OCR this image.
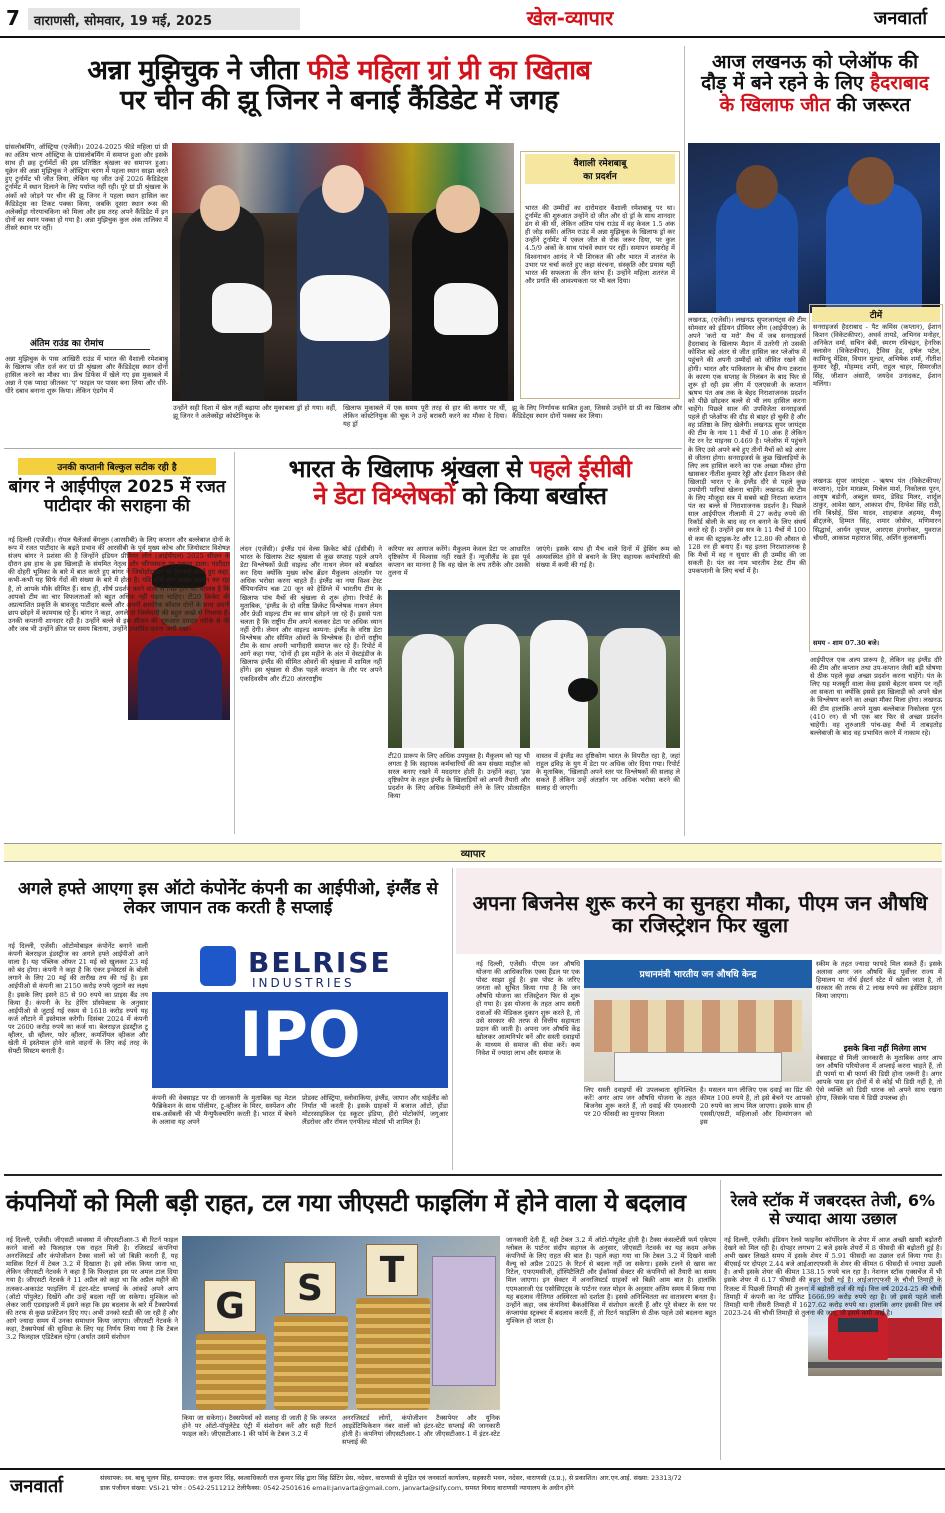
7	वाराणसी, सोमवार, 19 मई, 2025	खेल-व्यापार	जनवार्ता
अन्ना मुझिचुक ने जीता फीडे महिला ग्रां प्री का खिताब
पर चीन की झू जिनर ने बनाई कैंडिडेट में जगह
ग्रांसलोबर्मिंग, ऑस्ट्रिया (एजेंसी)। 2024-2025 फीडे महिला ग्रां प्री का अंतिम चरण ऑस्ट्रिया के ग्रांसलोबर्मिंग में समाप्त हुआ और इसके साथ ही छह टूर्नामेंटों की इस प्रतिष्ठित श्रृंखला का समापन हुआ। यूक्रेन की अन्ना मुझिचुक ने ऑस्ट्रिया चरण में पहला स्थान साझा करते हुए टूर्नामेंट भी जीत लिया, लेकिन यह जीत उन्हें 2026 कैंडिडेट्स टूर्नामेंट में स्थान दिलाने के लिए पर्याप्त नहीं रही। पूरे ग्रां प्री श्रृंखला के अंकों को जोड़ने पर चीन की झू जिनर ने पहला स्थान हासिल कर कैंडिडेट्स का टिकट पक्का किया, जबकि दूसरा स्थान रूस की अलेक्सेंड्रा गोरयाचकिना को मिला और इस तरह अपने कैंडिडेट में इन दोनों का स्थान पक्का हो गया है। अन्ना मुझिचुक कुल अंक तालिका में तीसरे स्थान पर रहीं।
अंतिम राउंड का रोमांच
अन्ना मुझिचुक के पास आखिरी राउंड में भारत की वैशाली रमेशबाबू के खिलाफ जीत दर्ज कर ग्रां प्री श्रृंखला और कैंडिडेट्स स्थान दोनों हासिल करने का मौका था। फ्रेंच डिफेंस में खेले गए इस मुकाबले में अन्ना ने एक प्यादा जीतकर 'ए' फाइल पर पासर बना लिया और धीरे-धीरे दबाव बनाना शुरू किया। लेकिन एंडगेम में
उन्होंने सही दिशा में खेल नहीं बढ़ाया और मुकाबला ड्रॉ हो गया। वहीं, झू जिनर ने अलेक्सेंड्रा कोस्टेनियुक के
खिलाफ मुकाबले में एक समय पूरी तरह से हार की कगार पर थीं, लेकिन कोस्टेनियुक की चूक ने उन्हें बराबरी करने का मौका दे दिया। यह ड्रॉ
वैशाली रमेशबाबू
का प्रदर्शन
भारत की उम्मीदों का दारोमदार वैशाली रमेशबाबू पर था। टूर्नामेंट की शुरुआत उन्होंने दो जीत और दो ड्रॉ के साथ शानदार ढंग से की थी, लेकिन अंतिम पांच राउंड में वह केवल 1.5 अंक ही जोड़ सकीं। अंतिम राउंड में अन्ना मुझिचुक के खिलाफ ड्रॉ कर उन्होंने टूर्नामेंट में एकल जीत से रोक जरूर दिया, पर कुल 4.5/9 अंकों के साथ पांचवें स्थान पर रहीं। समापन समारोह में विश्वनाथन आनंद ने भी शिरकत की और भारत में शतरंज के उभार पर चर्चा करते हुए कहा संरचना, संस्कृति और प्रयास यहीं भारत की सफलता के तीन स्तंभ हैं। उन्होंने महिला शतरंज में और प्रगति की आवश्यकता पर भी बल दिया।
झू के लिए निर्णायक साबित हुआ, जिससे उन्होंने ग्रां प्री का खिताब और कैंडिडेट्स स्थान दोनों पक्का कर लिया।
आज लखनऊ को प्लेऑफ की
दौड़ में बने रहने के लिए हैदराबाद
के खिलाफ जीत की जरूरत
लखनऊ, (एजेंसी)। लखनऊ सुपरजायंट्स की टीम सोमवार को इंडियन प्रीमियर लीग (आईपीएल) के अपने 'करो या मरो' मैच में जब सनराइजर्स हैदराबाद के खिलाफ मैदान में उतरेगी तो उसकी कोशिश बड़े अंतर से जीत हासिल कर प्लेऑफ में पहुंचने की अपनी उम्मीदों को जीवित रखने की होगी। भारत और पाकिस्तान के बीच सैन्य टकराव के कारण एक सप्ताह के निलंबन के बाद फिर से शुरू हो रही इस लीग में एलएसजी के कप्तान ऋषभ पंत अब तक के बेहद निराशाजनक प्रदर्शन को पीछे छोड़कर बल्ले से भी लय हासिल करना चाहेंगे। पिछले साल की उपविजेता सनराइजर्स पहले ही प्लेऑफ की दौड़ से बाहर हो चुकी है और वह प्रतिष्ठा के लिए खेलेगी। लखनऊ सुपर जायंट्स की टीम के नाम 11 मैचों में 10 अंक है लेकिन नेट रन रेट माइनस 0.469 है। प्लेऑफ में पहुंचने के लिए उसे अपने बचे हुए तीनों मैचों को बड़े अंतर से जीतना होगा। सनराइजर्स के कुछ खिलाड़ियों के लिए लय हासिल करने का एक अच्छा मौका होगा खासकर नीतीश कुमार रेड्डी और ईशान किशन जैसे खिलाड़ी भारत ए के इंग्लैंड दौरे से पहले कुछ उपयोगी पारियां खेलना चाहेंगे। लखनऊ की टीम के लिए मौजूदा सत्र में सबसे बड़ी निराशा कप्तान पंत का बल्ले से निराशाजनक प्रदर्शन है। पिछले साल आईपीएल नीलामी में 27 करोड़ रुपये की रिकॉर्ड बोली के बाद वह रन बनाने के लिए संघर्ष करते रहे हैं। उन्होंने इस सत्र के 11 मैचों में 100 से कम की स्ट्राइक-रेट और 12.80 की औसत से 128 रन ही बनाए हैं। यह इतना निराशाजनक है कि मैचों में वह न सुधार की ही उम्मीद की जा सकती है। पंत का नाम भारतीय टेस्ट टीम की उपकप्तानी के लिए चर्चा में है।
टीमें
सनराइजर्स हैदराबाद - पैट कमिंस (कप्तान), ईशान किशन (विकेटकीपर), अथर्व तायडे, अभिनव मनोहर, अनिकेत वर्मा, सचिन बेबी, स्मरण रविचंद्रन, हेनरिक क्लासेन (विकेटकीपर), ट्रैविस हेड, हर्षल पटेल, कामिन्दु मेंडिस, वियान मुल्डर, अभिषेक शर्मा, नीतीश कुमार रेड्डी, मोहम्मद शमी, राहुल चाहर, सिमरजीत सिंह, जीशान अंसारी, जयदेव उनादकट, ईशान मलिंगा।
लखनऊ सुपर जायंट्स - ऋषभ पंत (विकेटकीपर/कप्तान), एडेन मारक्रम, मिचेल मार्श, निकोलस पूरन, आयुष बडोनी, अब्दुल समद, डेविड मिलर, शार्दुल ठाकुर, आवेश खान, आकाश दीप, दिग्वेश सिंह राठी, रवि बिश्नोई, प्रिंस यादव, शाहबाज अहमद, मैथ्यू ब्रीट्ज़के, हिम्मत सिंह, शमार जोसेफ, मणिमारन सिद्धार्थ, आर्यन जुयाल, आरएस हंगरगेकर, युवराज चौधरी, आकाश महाराज सिंह, अर्शिन कुलकर्णी।
समय - शाम 07.30 बजे।
आईपीएल एक अल्प प्रारूप है, लेकिन वह इंग्लैंड दौरे की टीम और कप्तान तथा उप-कप्तान जैसी बड़ी घोषणा से ठीक पहले कुछ अच्छा प्रदर्शन करना चाहेंगे। पंत के लिए यह मजबूरी वाला केस इससे बेहतर समय पर नहीं आ सकता था क्योंकि इससे इस खिलाड़ी को अपने खेल के विश्लेषण करने का अच्छा मौका मिला होगा। लखनऊ की टीम हालांकि अपने मुख्य बल्लेबाज निकोलस पूरन (410 रन) से भी एक बार फिर से अच्छा प्रदर्शन चाहेगी। वह शुरुआती पांच-छह मैचों में ताबड़तोड़ बल्लेबाजी के बाद वह प्रभावित करने में नाकाम रहे।
उनकी कप्तानी बिल्कुल सटीक रही है
बांगर ने आईपीएल 2025 में रजत पाटीदार की सराहना की
नई दिल्ली (एजेंसी)। रॉयल चैलेंजर्स बेंगलुरु (आरसीबी) के लिए कप्तान और बल्लेबाज दोनों के रूप में रजत पाटीदार के बढ़ते प्रभाव की आरसीबी के पूर्व मुख्य कोच और जियोस्टार विशेषज्ञ संजय बांगर ने प्रशंसा की है जिन्होंने इंडियन प्रीमियर लीग (आईपीएल) 2025 सीजन के दौरान इस हाथ के इस खिलाड़ी के संयमित नेतृत्व और परिपक्वता पर प्रकाश डाला। पाटीदार की दोहरी भूमिका के बारे में बात करते हुए बांगर ने जियोहॉटस्टार पर टिप्पणी करते हुए कहा, कभी-कभी यह सिर्फ गेंदों की संख्या के बारे में होता है। यदि शीर्ष क्रम अच्छा प्रदर्शन कर रहा है, तो आपके मौके सीमित हैं। साथ ही, शीर्ष प्रदर्शन करने वालों से पिछे होने का मतलब है कि आपको टीम का चार विफलताओं को बहुत अधिक नहीं पढ़ना चाहिए। टी20 क्रिकेट की अप्रत्याशित प्रकृति के बावजूद पाटीदार बल्ले और अपनी सामरिक कौशल दोनों के साथ अपनी छाप छोड़ने में कामयाब रहे हैं। बांगर ने कहा, अगले दो जिम्मेदारी की बहुत अच्छे से निभाया है। उनकी कप्तानी शानदार रही है। उन्होंने बल्ले से इस सीजन की शुरुआत दमदार तरीके से की और जब भी उन्होंने क्रीज पर समय बिताया, उन्होंने प्रभावित करना जारी रखा।
भारत के खिलाफ श्रृंखला से पहले ईसीबी
ने डेटा विश्लेषकों को किया बर्खास्त
लंदन (एजेंसी)। इंग्लैंड एवं वेल्स क्रिकेट बोर्ड (ईसीबी) ने भारत के खिलाफ टेस्ट श्रृंखला से कुछ सप्ताह पहले अपने डेटा विश्लेषकों फ्रेडी वाइल्ड और नाथन लेमन को बर्खास्त कर दिया क्योंकि मुख्य कोच ब्रेंडन मैकुलम अंतर्ज्ञान पर अधिक भरोसा करना चाहते हैं। इंग्लैंड का नया विश्व टेस्ट चैंपियनशिप चक्र 20 जून को हेडिंग्ले में भारतीय टीम के खिलाफ पांच मैचों की श्रृंखला से शुरू होगा। रिपोर्ट के मुताबिक, 'इंग्लैंड के दो वरिष्ठ क्रिकेट विश्लेषक नाथन लेमन और फ्रेडी वाइल्ड टीम का साथ छोड़ने जा रहे हैं। इससे पता चलता है कि राष्ट्रीय टीम अपने चलकर डेटा पर अधिक ध्यान नहीं देगी। लेमन और वाइल्ड कम्पना: इंग्लैंड के वरिष्ठ डेटा विश्लेषक और सीमित ओवरों के विश्लेषक हैं। दोनों राष्ट्रीय टीम के साथ अपनी भागीदारी समाप्त कर रहे हैं। रिपोर्ट में आगे कहा गया, 'दोनों ही इस महीने के अंत में वेस्टइंडीज के खिलाफ इंग्लैंड की सीमित ओवरों की श्रृंखला में शामिल नहीं होंगे। इस श्रृंखला से ठीक पहले कप्तान के तौर पर अपने एकदिवसीय और टी20 अंतरराष्ट्रीय
करियर का आगाज करेंगे। मैकुलम केवल डेटा पर आधारित दृष्टिकोण में विश्वास नहीं रखते हैं। न्यूजीलैंड के इस पूर्व कप्तान का मानना है कि वह खेल के लय तरीके और उसकी तुलना में
जाएंगे। इसके साथ ही मैच वाले दिनों में ड्रेसिंग रूम को अव्यवस्थित होने से बचाने के लिए सहायक कर्मचारियों की संख्या में कमी की गई है।
टी20 प्रारूप के लिए अधिक उपयुक्त है। मैकुलम को यह भी लगता है कि सहायक कर्मचारियों की कम संख्या माहौल को सरल बनाए रखने में मददगार होती है। उन्होंने कहा, 'इस दृष्टिकोण के तहत इंग्लैंड के खिलाड़ियों को अपनी तैयारी और प्रदर्शन के लिए अधिक जिम्मेदारी लेने के लिए प्रोत्साहित किया
वास्तव में इंग्लैंड का दृष्टिकोण भारत के विपरीत रहा है, जहां राहुल द्रविड़ के युग में डेटा पर अधिक जोर दिया गया। रिपोर्ट के मुताबिक, 'खिलाड़ी अपने स्तर पर विश्लेषकों की सलाह ले सकते हैं लेकिन उन्हें अंतर्ज्ञान पर अधिक भरोसा करने की सलाह दी जाएगी।
व्यापार
अगले हफ्ते आएगा इस ऑटो कंपोनेंट कंपनी का आईपीओ, इंग्लैंड से लेकर जापान तक करती है सप्लाई
नई दिल्ली, एजेंसी। ऑटोमोबाइल कंपोनेंट बनाने वाली कंपनी बेलराइज इंडस्ट्रीज का अगले हफ्ते आईपीओ आने वाला है। यह पब्लिक ऑफर 21 मई को खुलकर 23 मई को बंद होगा। कंपनी ने कहा है कि एंकर इन्वेस्टर्स के बोली लगाने के लिए 20 मई की तारीख तय की गई है। इस आईपीओ से कंपनी का 2150 करोड़ रुपये जुटाने का लक्ष्य है। इसके लिए इसने 85 से 90 रुपये का प्राइस बैंड तय किया है। कंपनी के रेड हेरिंग प्रॉस्पेक्टस के अनुसार आईपीओ से जुटाई गई रकम से 1618 करोड़ रुपये यह कर्ज लौटाने में इस्तेमाल करेगी। दिसंबर 2024 में कंपनी पर 2600 करोड़ रुपये का कर्ज था। बेलराइज इंडस्ट्रीज टू व्हीलर, थ्री व्हीलर, फोर व्हीलर, कमर्शियल व्हीकल और खेती में इस्तेमाल होने वाले वाहनों के लिए कई तरह के सेफ्टी सिस्टम बनाती है।
BELRISE
INDUSTRIES
IPO
कंपनी की वेबसाइट पर दी जानकारी के मुताबिक यह मेटल फैब्रिकेशन के साथ पॉलीमर, टू-व्हीलर के मिरर, सस्पेंशन और सब-असेंबली की भी मैन्युफैक्चरिंग करती है। भारत में बेचने के अलावा यह अपने
प्रोडक्ट ऑस्ट्रिया, स्लोवाकिया, इंग्लैंड, जापान और थाईलैंड को निर्यात भी करती है। इसके ग्राहकों में बजाज ऑटो, होंडा मोटरसाइकिल एंड स्कूटर इंडिया, हीरो मोटोकॉर्प, जगुआर लैंडरोवर और रॉयल एनफील्ड मोटर्स भी शामिल हैं।
अपना बिजनेस शुरू करने का सुनहरा मौका, पीएम जन औषधि का रजिस्ट्रेशन फिर खुला
नई दिल्ली, एजेंसी। पीएम जन औषधि योजना की आधिकारिक एक्स हैंडल पर एक पोस्ट साझा हुई है। इस पोस्ट के जरिए जनता को सूचित किया गया है कि जन औषधि योजना का रजिस्ट्रेशन फिर से शुरू हो गया है। इस योजना के तहत आप सस्ती दवाओं की मेडिकल दुकान शुरू करते है, तो उसे सरकार की तरफ से वित्तीय सहायता प्रदान की जाती है। अपना जन औषधि केंद्र खोलकर आत्मनिर्भर बनें और सस्ती दवाइयों के माध्यम से समाज की सेवा करें। कम निवेश में ज्यादा लाभ और समाज के
प्रधानमंत्री भारतीय जन औषधि केन्द्र
लिए सस्ती दवाइयों की उपलब्धता सुनिश्चित करें! अगर आप जन औषधि योजना के तहत बिजनेस शुरू करते हैं, तो दवाई की एमआरपी पर 20 फीसदी का मुनाफा मिलता
है। मसलन मान लीजिए एक दवाई का प्रिंट की कीमत 100 रुपये है, तो इसे बेचने पर आपको 20 रुपये का लाभ मिल जाएगा। इसके साथ ही एससी/एसटी, महिलाओं और दिव्यांगजन को इस
स्कीम के तहत ज्यादा फायदे मिल सकते हैं। इसके अलावा अगर जन औषधि केंद्र पूर्वोत्तर राज्य में हिमालय या नॉर्थ ईस्टर्न स्टेट में खोला जाता है, तो सरकार की तरफ से 2 लाख रुपये का इंसेंटिव प्रदान किया जाएगा।
इसके बिना नहीं मिलेगा लाभ
वेबसाइट से मिली जानकारी के मुताबिक अगर आप जन औषधि परियोजना में अप्लाई करना चाहते हैं, तो डी फार्मा या बी फार्मा की डिग्री होना जरूरी है। अगर आपके पास इन दोनों में से कोई भी डिग्री नहीं है, तो ऐसे व्यक्ति को डिग्री धारक को अपने साथ रखना होगा, जिसके पास ये डिग्री उपलब्ध हो।
कंपनियों को मिली बड़ी राहत, टल गया जीएसटी फाइलिंग में होने वाला ये बदलाव
नई दिल्ली, एजेंसी। जीएसटी व्यवस्था में जीएसटीआर-3 बी रिटर्न फाइल करने वालों को फिलहाल एक राहत मिली है। रजिस्टर्ड कंपनियां अनरजिस्टर्ड और कंपोजीशन टैक्स वालों को जो बिक्री करती हैं, यह मासिक रिटर्न में टेबल 3.2 में दिखाता है। इसे लॉक किया जाना था, लेकिन जीएसटी नेटवर्क ने कहा है कि फिलहाल इस पर अमल टाल दिया गया है। जीएसटी नेटवर्क ने 11 अप्रैल को कहा था कि अप्रैल महीने की तत्स्कर-अकाउंट फाइलिंग में इंटर-स्टेट सप्लाई के आंकड़े अपने आप (ऑटो पॉपुलेट) दिखेंगे और उन्हें बदला नहीं जा सकेगा। मुश्किल को लेकर जारी एडवाइजरी में इसने कहा कि इस बदलाव के बारे में टैक्सपेयर्स की तरफ से कुछ प्रजेंटेशन दिए गए। अभी उनको स्टडी की जा रही है और आगे ज्यादा समय में उनका समाधान किया जाएगा। जीएसटी नेटवर्क ने कहा, टैक्सपेयर्स की सुविधा के लिए यह निर्णय लिया गया है कि टेबल 3.2 फिलहाल एडिटेबल रहेगा (अर्थात उसमें संशोधन
G	S	T
किया जा सकेगा)। टैक्सपेयर्स को सलाह दी जाती है कि जरूरत होने पर ऑटो-पॉपुलेटेड एंट्री में संशोधन करें और सही रिटर्न फाइल करें। जीएसटीआर-1 की फॉर्म के टेबल 3.2 में
अनरजिस्टर्ड लोगों, कंपोजीशन टैक्सपेयर और यूनिक आइडेंटिफिकेशन नंबर वालों को इंटर-स्टेट सप्लाई की जानकारी होती है। कंपनियां जीएसटीआर-1 और जीएसटीआर-1 में इंटर-स्टेट सप्लाई की
जानकारी देती हैं, वही टेबल 3.2 में ऑटो-पॉपुलेट होती है। टैक्स कंसल्टेंसी फर्म एकेएम ग्लोबल के पार्टनर संदीप सहगल के अनुसार, जीएसटी नेटवर्क का यह कदम अनेक कंपनियों के लिए राहत की बात है। पहले कहा गया था कि टेबल 3.2 में दिखने वाली वैल्यू को अप्रैल 2025 के रिटर्न से बदला नहीं जा सकेगा। इसके टलने से खास कर रिटेल, एफएमसीजी, हॉस्पिटैलिटी और ईकॉमर्स सेक्टर की कंपनियों को तैयारी का समय मिल जाएगा। इन सेक्टर में अनरजिस्टर्ड ग्राहकों को बिक्री आम बात है। हालांकि एएमआरजी एंड एसोसिएट्स के पार्टनर रजत मोहन के अनुसार अंतिम समय में किया गया यह बदलाव नीतिगत अस्थिरता को दर्शाता है। इससे अनिश्चितता का वातावरण बनता है। उन्होंने कहा, जब कंपनियां बैकऑफिस में संशोधन करती हैं और पूरे सेक्टर के स्तर पर कंप्लायंस स्ट्रक्चर में बदलाव करती हैं, तो रिटर्न फाइलिंग से ठीक पहले उसे बदलना बहुत मुश्किल हो जाता है।
रेलवे स्टॉक में जबरदस्त तेजी, 6% से ज्यादा आया उछाल
नई दिल्ली, एजेंसी। इंडियन रेलवे फाइनेंस कॉर्पोरेशन के शेयर में आज अच्छी खासी बढ़ोतरी देखने को मिल रही है। दोपहर लगभग 2 बजे इसके शेयरों में 8 फीसदी की बढ़ोतरी हुई है। अभी खबर लिखते समय में इसके शेयर में 5.91 फीसदी का उछाल दर्ज किया गया है। बीएसई पर दोपहर 2.44 बजे आईआरएफसी के शेयर की कीमत 6 फीसदी से ज्यादा उछली है। अभी इसके शेयर की कीमत 138.15 रुपये चल रहा है। नेशनल स्टॉक एक्सचेंज में भी इसके शेयर में 6.17 फीसदी की बढ़त देखी गई है। आईआरएफसी के चौथी तिमाही के रिजल्ट में पिछली तिमाही की तुलना में बढ़ोतरी दर्ज की गई। वित्त वर्ष 2024-25 की चौथी तिमाही में कंपनी का नेट प्रॉफिट 1666.99 करोड़ रुपये रहा है। जो इससे पहले वाली तिमाही यानी तीसरी तिमाही में 1627.62 करोड़ रुपये था। हालांकि अगर इसकी वित्त वर्ष 2023-24 की चौथी तिमाही से तुलना की जाए, तो इसमें कमी आई है।
जनवार्ता	संस्थापक: स्व. बाबू भूलन सिंह, सम्पादक: राज कुमार सिंह, स्वत्वाधिकारी राज कुमार सिंह द्वारा सिंह प्रिंटिंग प्रेस, नदेसर, वाराणसी से मुद्रित एवं जनवार्ता कार्यालय, सहकारी भवन, नदेसर, वाराणसी (उ.प्र.), से प्रकाशित। आर.एन.आई. संख्या: 23313/72
डाक पंजीयन संख्या: VSI-21 फोन : 0542-2511212 टेलीफैक्स: 0542-2501616 email:janvarta@gmail.com, janvarta@sify.com, समस्त विवाद वाराणसी न्यायालय के अधीन होंगे
